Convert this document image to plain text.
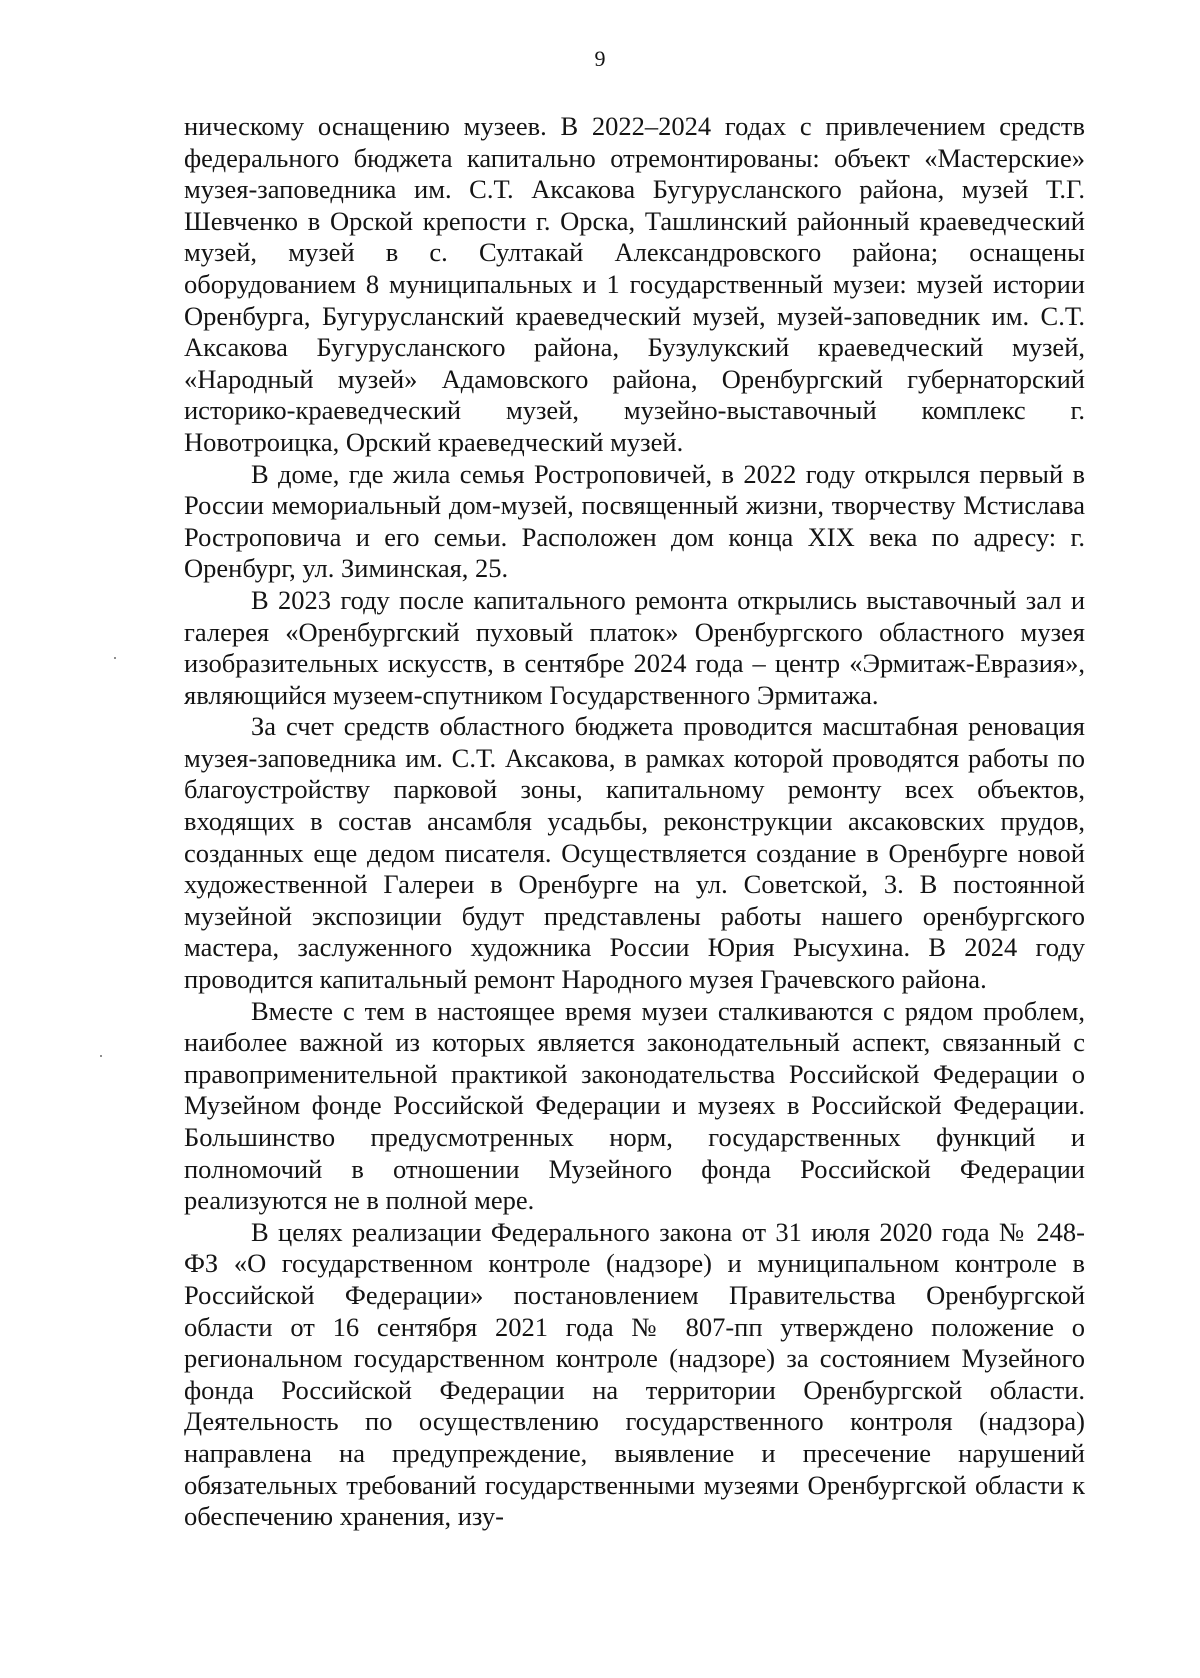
9

ническому оснащению музеев. В 2022–2024 годах с привлечением средств федерального бюджета капитально отремонтированы: объект «Мастерские» музея-заповедника им. С.Т. Аксакова Бугурусланского района, музей Т.Г. Шевченко в Орской крепости г. Орска, Ташлинский районный краеведческий музей, музей в с. Султакай Александровского района; оснащены оборудованием 8 муниципальных и 1 государственный музеи: музей истории Оренбурга, Бугурусланский краеведческий музей, музей-заповедник им. С.Т. Аксакова Бугурусланского района, Бузулукский краеведческий музей, «Народный музей» Адамовского района, Оренбургский губернаторский историко-краеведческий музей, музейно-выставочный комплекс г. Новотроицка, Орский краеведческий музей.

В доме, где жила семья Ростроповичей, в 2022 году открылся первый в России мемориальный дом-музей, посвященный жизни, творчеству Мстислава Ростроповича и его семьи. Расположен дом конца XIX века по адресу: г. Оренбург, ул. Зиминская, 25.

В 2023 году после капитального ремонта открылись выставочный зал и галерея «Оренбургский пуховый платок» Оренбургского областного музея изобразительных искусств, в сентябре 2024 года – центр «Эрмитаж-Евразия», являющийся музеем-спутником Государственного Эрмитажа.

За счет средств областного бюджета проводится масштабная реновация музея-заповедника им. С.Т. Аксакова, в рамках которой проводятся работы по благоустройству парковой зоны, капитальному ремонту всех объектов, входящих в состав ансамбля усадьбы, реконструкции аксаковских прудов, созданных еще дедом писателя. Осуществляется создание в Оренбурге новой художественной Галереи в Оренбурге на ул. Советской, 3. В постоянной музейной экспозиции будут представлены работы нашего оренбургского мастера, заслуженного художника России Юрия Рысухина. В 2024 году проводится капитальный ремонт Народного музея Грачевского района.

Вместе с тем в настоящее время музеи сталкиваются с рядом проблем, наиболее важной из которых является законодательный аспект, связанный с правоприменительной практикой законодательства Российской Федерации о Музейном фонде Российской Федерации и музеях в Российской Федерации. Большинство предусмотренных норм, государственных функций и полномочий в отношении Музейного фонда Российской Федерации реализуются не в полной мере.

В целях реализации Федерального закона от 31 июля 2020 года № 248-ФЗ «О государственном контроле (надзоре) и муниципальном контроле в Российской Федерации» постановлением Правительства Оренбургской области от 16 сентября 2021 года № 807-пп утверждено положение о региональном государственном контроле (надзоре) за состоянием Музейного фонда Российской Федерации на территории Оренбургской области. Деятельность по осуществлению государственного контроля (надзора) направлена на предупреждение, выявление и пресечение нарушений обязательных требований государственными музеями Оренбургской области к обеспечению хранения, изу-
